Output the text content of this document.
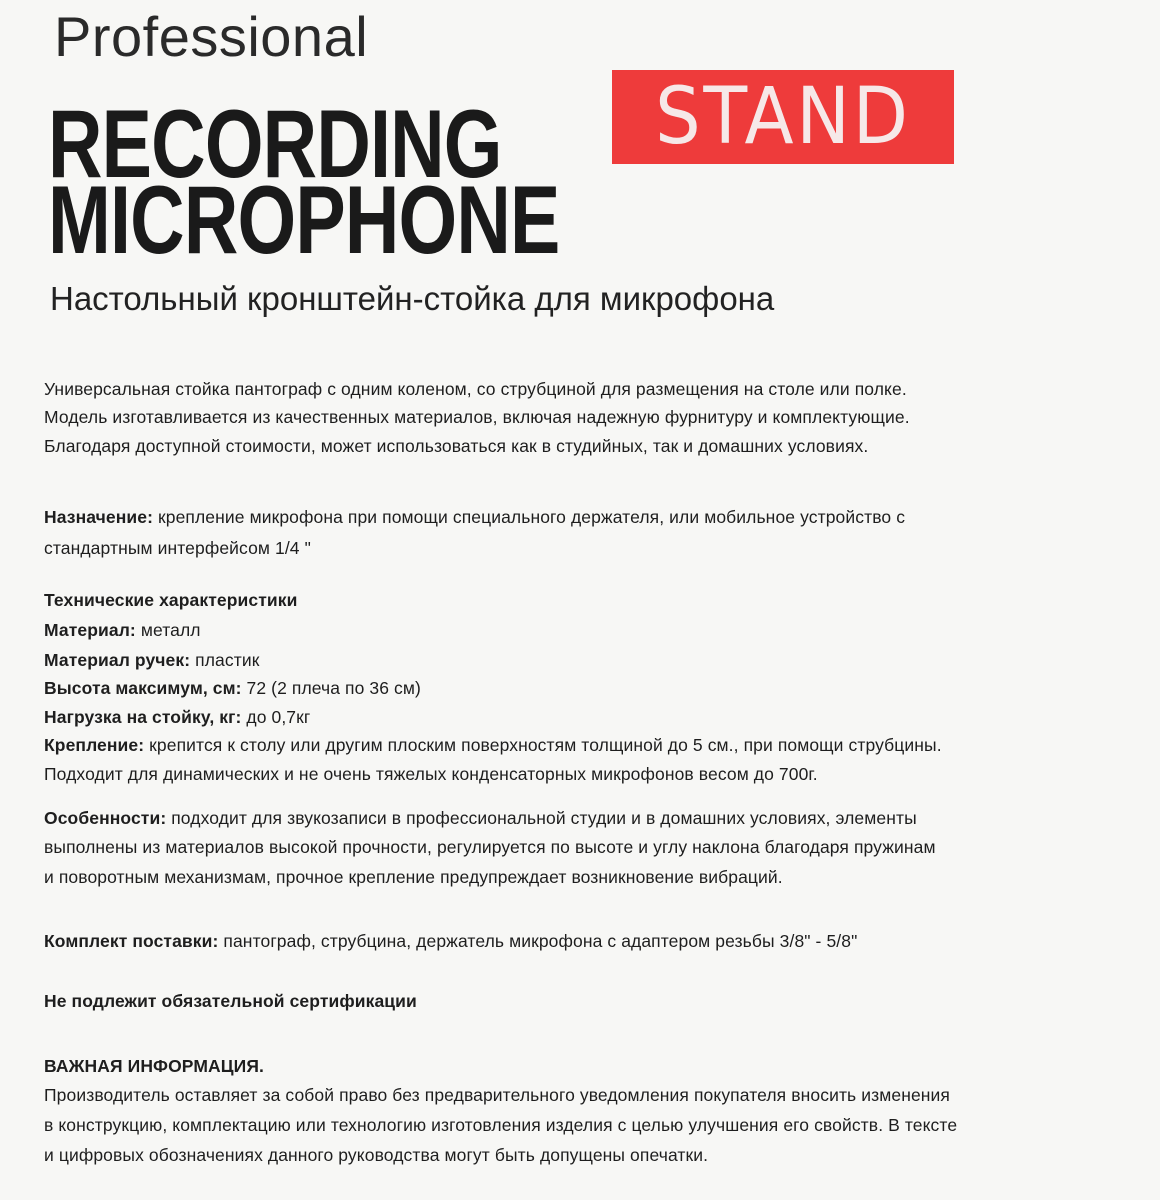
Professional
RECORDING
MICROPHONE
STAND
Настольный кронштейн-стойка для микрофона
Универсальная стойка пантограф с одним коленом, со струбциной для размещения на столе или полке.
Модель изготавливается из качественных материалов, включая надежную фурнитуру и комплектующие.
Благодаря доступной стоимости, может использоваться как в студийных, так и домашних условиях.
Назначение: крепление микрофона при помощи специального держателя, или мобильное устройство с
стандартным интерфейсом 1/4 "
Технические характеристики
Материал: металл
Материал ручек: пластик
Высота максимум, см: 72 (2 плеча по 36 см)
Нагрузка на стойку, кг: до 0,7кг
Крепление: крепится к столу или другим плоским поверхностям толщиной до 5 см., при помощи струбцины.
Подходит для динамических и не очень тяжелых конденсаторных микрофонов весом до 700г.
Особенности: подходит для звукозаписи в профессиональной студии и в домашних условиях, элементы
выполнены из материалов высокой прочности, регулируется по высоте и углу наклона благодаря пружинам
и поворотным механизмам, прочное крепление предупреждает возникновение вибраций.
Комплект поставки: пантограф, струбцина, держатель микрофона с адаптером резьбы 3/8" - 5/8"
Не подлежит обязательной сертификации
ВАЖНАЯ ИНФОРМАЦИЯ.
Производитель оставляет за собой право без предварительного уведомления покупателя вносить изменения
в конструкцию, комплектацию или технологию изготовления изделия с целью улучшения его свойств. В тексте
и цифровых обозначениях данного руководства могут быть допущены опечатки.
